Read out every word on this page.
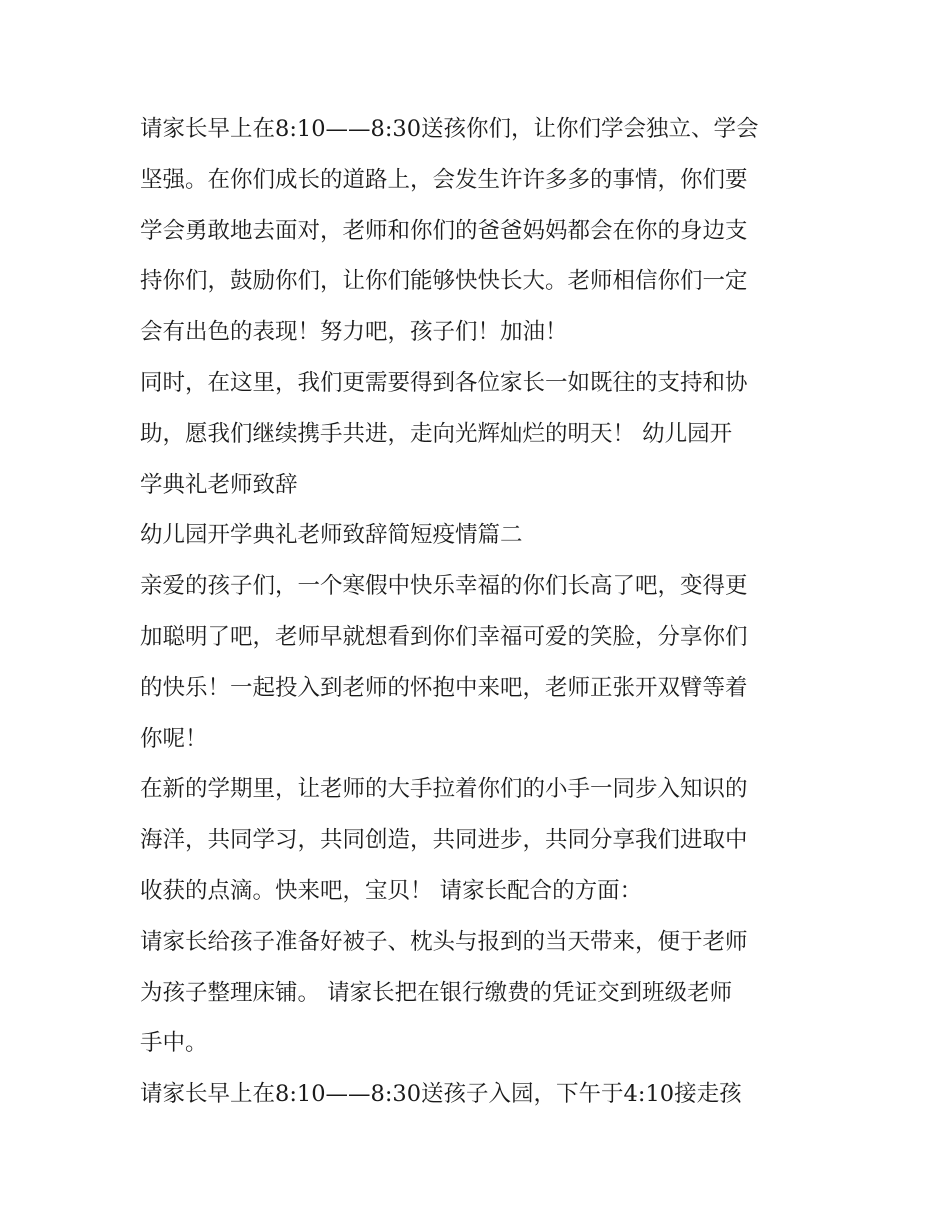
请家长早上在8:10——8:30送孩你们，让你们学会独立、学会
坚强。在你们成长的道路上，会发生许许多多的事情，你们要
学会勇敢地去面对，老师和你们的爸爸妈妈都会在你的身边支
持你们，鼓励你们，让你们能够快快长大。老师相信你们一定
会有出色的表现！努力吧，孩子们！加油！
同时，在这里，我们更需要得到各位家长一如既往的支持和协
助，愿我们继续携手共进，走向光辉灿烂的明天！ 幼儿园开
学典礼老师致辞
幼儿园开学典礼老师致辞简短疫情篇二
亲爱的孩子们，一个寒假中快乐幸福的你们长高了吧，变得更
加聪明了吧，老师早就想看到你们幸福可爱的笑脸，分享你们
的快乐！一起投入到老师的怀抱中来吧，老师正张开双臂等着
你呢！
在新的学期里，让老师的大手拉着你们的小手一同步入知识的
海洋，共同学习，共同创造，共同进步，共同分享我们进取中
收获的点滴。快来吧，宝贝！ 请家长配合的方面：
请家长给孩子准备好被子、枕头与报到的当天带来，便于老师
为孩子整理床铺。 请家长把在银行缴费的凭证交到班级老师
手中。
请家长早上在8:10——8:30送孩子入园，下午于4:10接走孩
